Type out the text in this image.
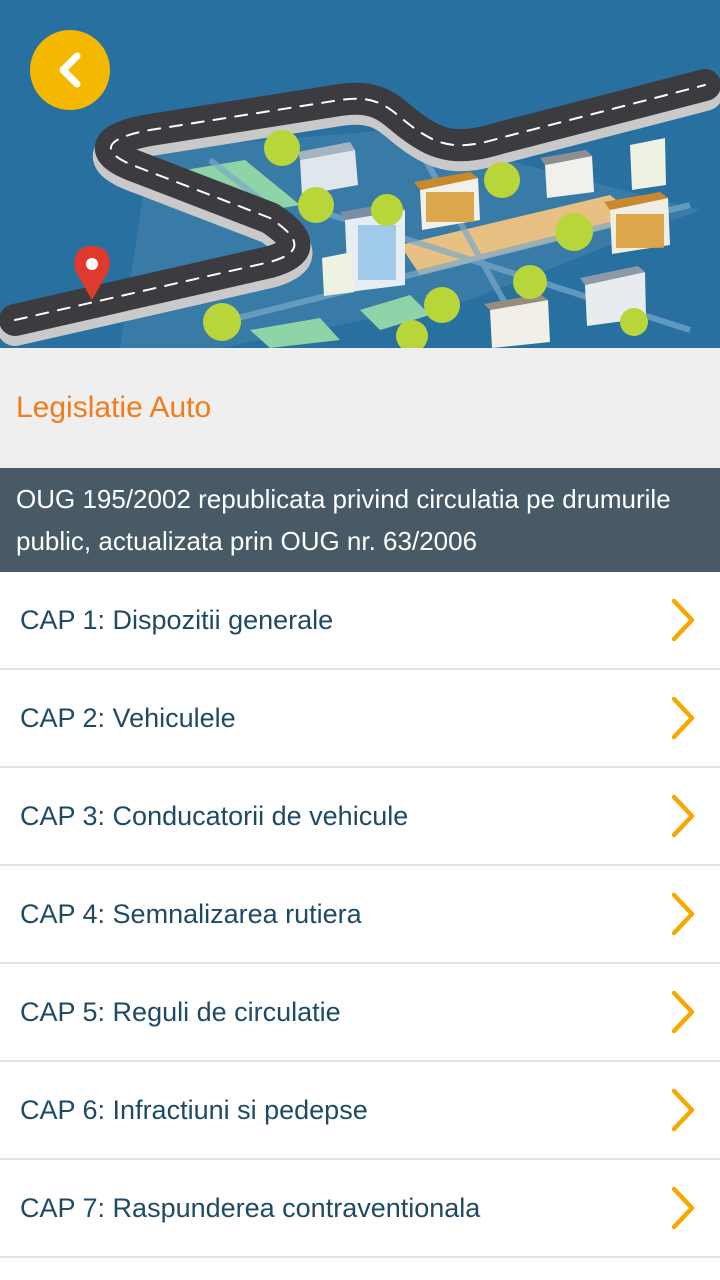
Legislatie Auto
OUG 195/2002 republicata privind circulatia pe drumurile public, actualizata prin OUG nr. 63/2006
CAP 1: Dispozitii generale
CAP 2: Vehiculele
CAP 3: Conducatorii de vehicule
CAP 4: Semnalizarea rutiera
CAP 5: Reguli de circulatie
CAP 6: Infractiuni si pedepse
CAP 7: Raspunderea contraventionala
